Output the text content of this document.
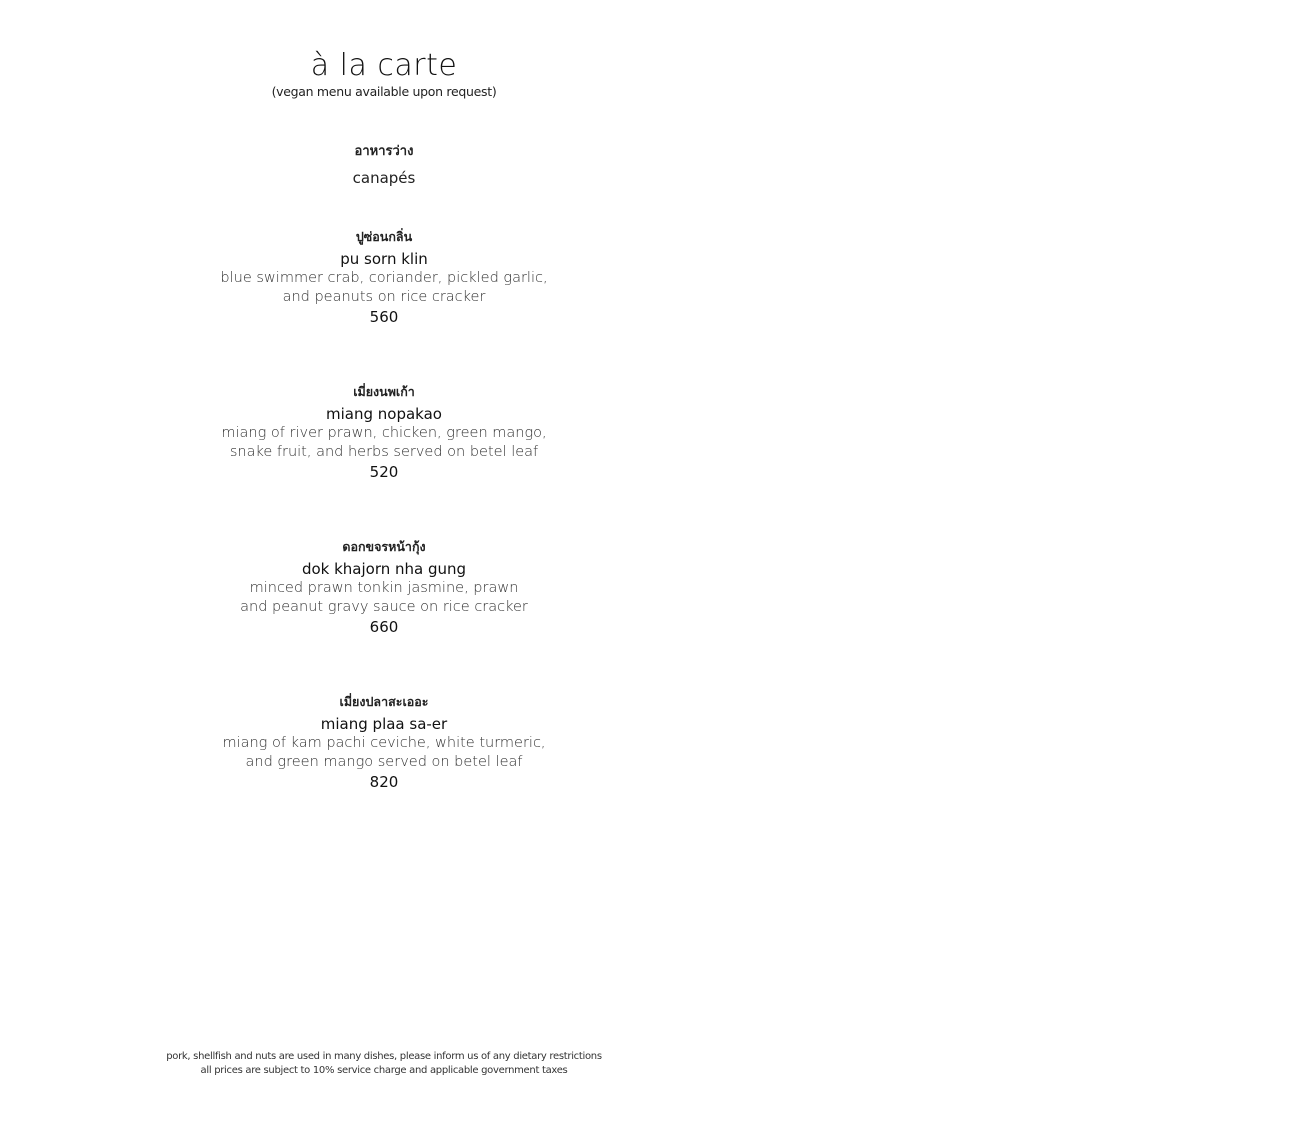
à la carte
(vegan menu available upon request)
อาหารว่าง
canapés
ปูซ่อนกลิ่น
pu sorn klin
blue swimmer crab, coriander, pickled garlic,
and peanuts on rice cracker
560
เมี่ยงนพเก้า
miang nopakao
miang of river prawn, chicken, green mango,
snake fruit, and herbs served on betel leaf
520
ดอกขจรหน้ากุ้ง
dok khajorn nha gung
minced prawn tonkin jasmine, prawn
and peanut gravy sauce on rice cracker
660
เมี่ยงปลาสะเออะ
miang plaa sa-er
miang of kam pachi ceviche, white turmeric,
and green mango served on betel leaf
820
pork, shellfish and nuts are used in many dishes, please inform us of any dietary restrictions
all prices are subject to 10% service charge and applicable government taxes
